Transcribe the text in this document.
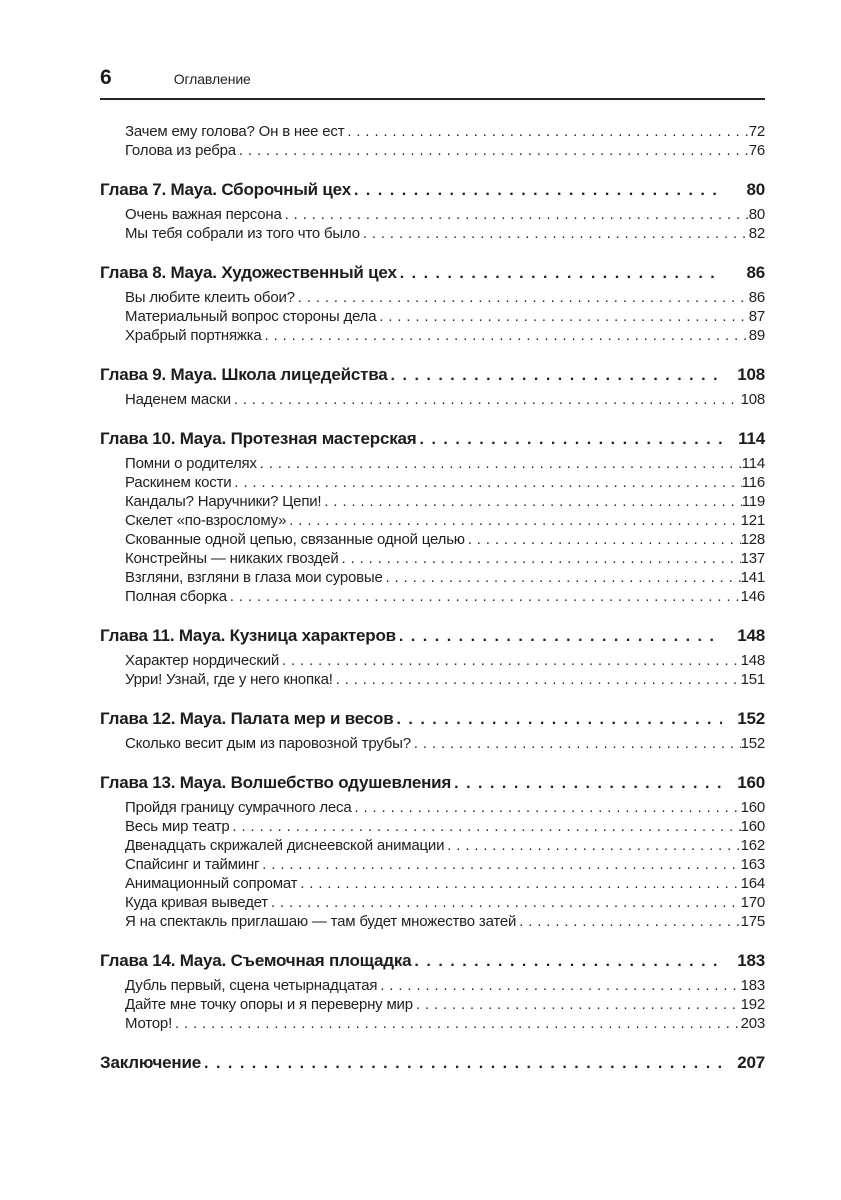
6	Оглавление
Зачем ему голова? Он в нее ест .....	72
Голова из ребра .....	76
Глава 7. Maya. Сборочный цех .....	80
Очень важная персона .....	80
Мы тебя собрали из того что было .....	82
Глава 8. Maya. Художественный цех .....	86
Вы любите клеить обои? .....	86
Материальный вопрос стороны дела .....	87
Храбрый портняжка .....	89
Глава 9. Maya. Школа лицедейства .....	108
Наденем маски .....	108
Глава 10. Maya. Протезная мастерская .....	114
Помни о родителях .....	114
Раскинем кости .....	116
Кандалы? Наручники? Цепи! .....	119
Скелет «по-взрослому» .....	121
Скованные одной цепью, связанные одной целью .....	128
Констрейны — никаких гвоздей .....	137
Взгляни, взгляни в глаза мои суровые .....	141
Полная сборка .....	146
Глава 11. Maya. Кузница характеров .....	148
Характер нордический .....	148
Урри! Узнай, где у него кнопка! .....	151
Глава 12. Maya. Палата мер и весов .....	152
Сколько весит дым из паровозной трубы? .....	152
Глава 13. Maya. Волшебство одушевления .....	160
Пройдя границу сумрачного леса .....	160
Весь мир театр .....	160
Двенадцать скрижалей диснеевской анимации .....	162
Спайсинг и тайминг .....	163
Анимационный сопромат .....	164
Куда кривая выведет .....	170
Я на спектакль приглашаю — там будет множество затей .....	175
Глава 14. Maya. Съемочная площадка .....	183
Дубль первый, сцена четырнадцатая .....	183
Дайте мне точку опоры и я переверну мир .....	192
Мотор! .....	203
Заключение .....	207
